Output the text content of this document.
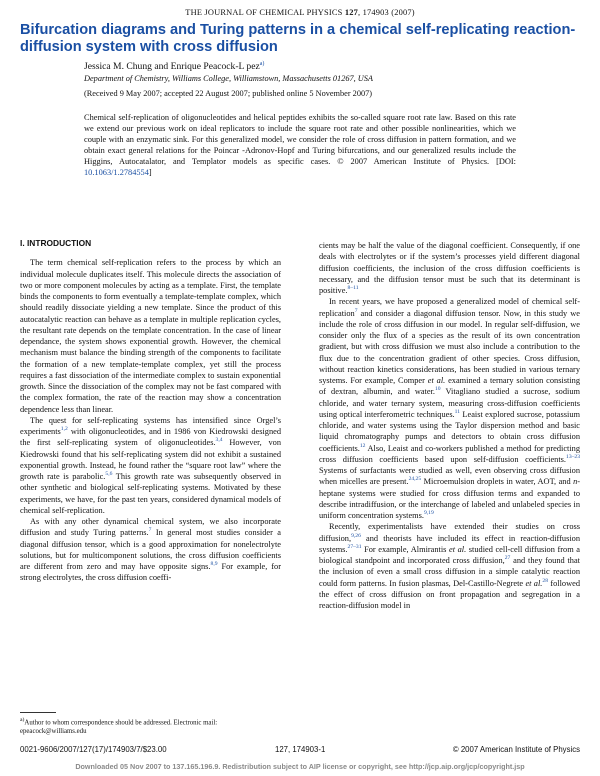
THE JOURNAL OF CHEMICAL PHYSICS 127, 174903 (2007)
Bifurcation diagrams and Turing patterns in a chemical self-replicating reaction-diffusion system with cross diffusion
Jessica M. Chung and Enrique Peacock-L pez$^{a)}$
Department of Chemistry, Williams College, Williamstown, Massachusetts 01267, USA
(Received 9 May 2007; accepted 22 August 2007; published online 5 November 2007)

Chemical self-replication of oligonucleotides and helical peptides exhibits the so-called square root rate law. Based on this rate we extend our previous work on ideal replicators to include the square root rate and other possible nonlinearities, which we couple with an enzymatic sink. For this generalized model, we consider the role of cross diffusion in pattern formation, and we obtain exact general relations for the Poincar -Adronov-Hopf and Turing bifurcations, and our generalized results include the Higgins, Autocatalator, and Templator models as specific cases. © 2007 American Institute of Physics. [DOI: 10.1063/1.2784554]

I. INTRODUCTION

The term chemical self-replication refers to the process by which an individual molecule duplicates itself. This molecule directs the association of two or more component molecules by acting as a template. First, the template binds the components to form eventually a template-template complex, which should readily dissociate yielding a new template. Since the product of this autocatalytic reaction can behave as a template in multiple replication cycles, the resultant rate depends on the template concentration. In the case of linear dependance, the system shows exponential growth. However, the chemical mechanism must balance the binding strength of the components to facilitate the formation of a new template-template complex, yet still the process requires a fast dissociation of the intermediate complex to sustain exponential growth. Since the dissociation of the complex may not be fast compared with the complex formation, the rate of the reaction may show a concentration dependence less than linear.

The quest for self-replicating systems has intensified since Orgel’s experiments$^{1,2}$ with oligonucleotides, and in 1986 von Kiedrowski designed the first self-replicating system of oligonucleotides.$^{3,4}$ However, von Kiedrowski found that his self-replicating system did not exhibit a sustained exponential growth. Instead, he found rather the “square root law” where the growth rate is parabolic.$^{5,6}$ This growth rate was subsequently observed in other synthetic and biological self-replicating systems. Motivated by these experiments, we have, for the past ten years, considered dynamical models of chemical self-replication.

As with any other dynamical chemical system, we also incorporate diffusion and study Turing patterns.$^7$ In general most studies consider a diagonal diffusion tensor, which is a good approximation for nonelectrolyte solutions, but for multicomponent solutions, the cross diffusion coefficients are different from zero and may have opposite signs.$^{8,9}$ For example, for strong electrolytes, the cross diffusion coeffi-

cients may be half the value of the diagonal coefficient. Consequently, if one deals with electrolytes or if the system’s processes yield different diagonal diffusion coefficients, the inclusion of the cross diffusion coefficients is necessary, and the diffusion tensor must be such that its determinant is positive.$^{8-11}$

In recent years, we have proposed a generalized model of chemical self-replication$^7$ and consider a diagonal diffusion tensor. Now, in this study we include the role of cross diffusion in our model. In regular self-diffusion, we consider only the flux of a species as the result of its own concentration gradient, but with cross diffusion we must also include a contribution to the flux due to the concentration gradient of other species. Cross diffusion, without reaction kinetics considerations, has been studied in various ternary systems. For example, Comper et al. examined a ternary solution consisting of dextran, albumin, and water.$^{10}$ Vitagliano studied a sucrose, sodium chloride, and water ternary system, measuring cross-diffusion coefficients using optical interferometric techniques.$^{11}$ Leaist explored sucrose, potassium chloride, and water systems using the Taylor dispersion method and basic liquid chromatography pumps and detectors to obtain cross diffusion coefficients.$^{12}$ Also, Leaist and co-workers published a method for predicting cross diffusion coefficients based upon self-diffusion coefficients.$^{13-23}$ Systems of surfactants were studied as well, even observing cross diffusion when micelles are present.$^{24,25}$ Microemulsion droplets in water, AOT, and n-heptane systems were studied for cross diffusion terms and expanded to describe intradiffusion, or the interchange of labeled and unlabeled species in uniform concentration systems.$^{9,19}$

Recently, experimentalists have extended their studies on cross diffusion,$^{9,26}$ and theorists have included its effect in reaction-diffusion systems.$^{27-31}$ For example, Almirantis et al. studied cell-cell diffusion from a biological standpoint and incorporated cross diffusion,$^{27}$ and they found that the inclusion of even a small cross diffusion in a simple catalytic reaction could form patterns. In fusion plasmas, Del-Castillo-Negrete et al.$^{28}$ followed the effect of cross diffusion on front propagation and segregation in a reaction-diffusion model in

$^{a)}$Author to whom correspondence should be addressed. Electronic mail: epeacock@williams.edu
0021-9606/2007/127(17)/174903/7/$23.00	127, 174903-1	© 2007 American Institute of Physics
Downloaded 05 Nov 2007 to 137.165.196.9. Redistribution subject to AIP license or copyright, see http://jcp.aip.org/jcp/copyright.jsp
